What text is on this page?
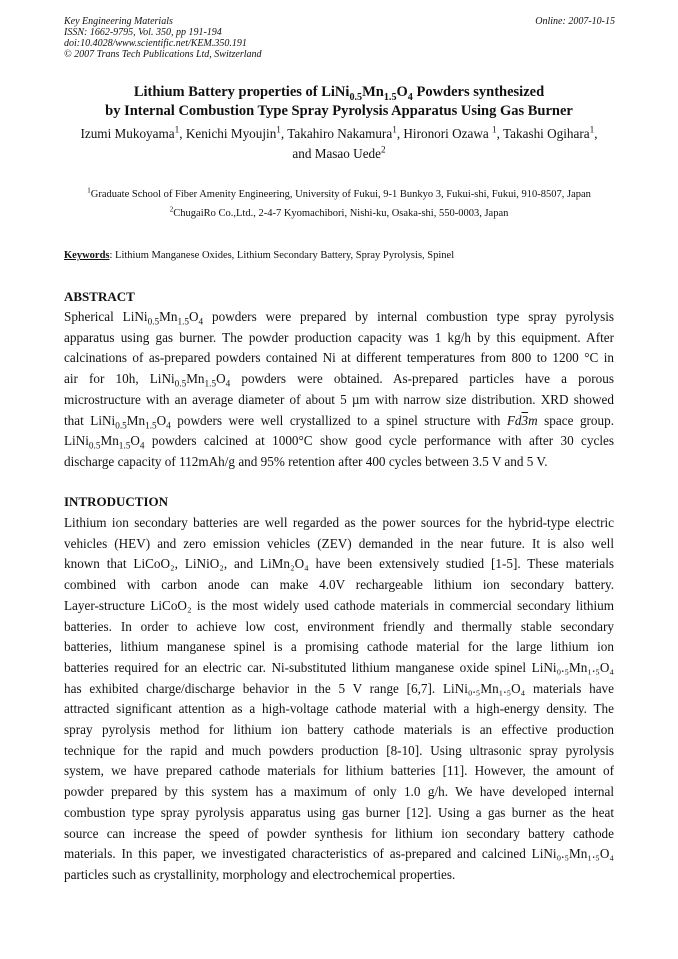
Key Engineering Materials
ISSN: 1662-9795, Vol. 350, pp 191-194
doi:10.4028/www.scientific.net/KEM.350.191
© 2007 Trans Tech Publications Ltd, Switzerland
Online: 2007-10-15
Lithium Battery properties of $LiNi_{0.5}Mn_{1.5}O_4$ Powders synthesized
by Internal Combustion Type Spray Pyrolysis Apparatus Using Gas Burner
Izumi Mukoyama$^1$, Kenichi Myoujin$^1$, Takahiro Nakamura$^1$, Hironori Ozawa $^1$, Takashi Ogihara$^1$,
and Masao Uede$^2$
$^1$Graduate School of Fiber Amenity Engineering, University of Fukui, 9-1 Bunkyo 3, Fukui-shi, Fukui, 910-8507, Japan
$^2$ChugaiRo Co.,Ltd., 2-4-7 Kyomachibori, Nishi-ku, Osaka-shi, 550-0003, Japan
Keywords: Lithium Manganese Oxides, Lithium Secondary Battery, Spray Pyrolysis, Spinel
ABSTRACT
Spherical $LiNi_{0.5}Mn_{1.5}O_4$ powders were prepared by internal combustion type spray pyrolysis
apparatus using gas burner. The powder production capacity was 1 kg/h by this equipment. After
calcinations of as-prepared powders contained Ni at different temperatures from 800 to 1200 °C in
air for 10h, $LiNi_{0.5}Mn_{1.5}O_4$ powders were obtained. As-prepared particles have a porous
microstructure with an average diameter of about 5 µm with narrow size distribution. XRD showed
that $LiNi_{0.5}Mn_{1.5}O_4$ powders were well crystallized to a spinel structure with Fd3m space group.
$LiNi_{0.5}Mn_{1.5}O_4$ powders calcined at 1000°C show good cycle performance with after 30 cycles
discharge capacity of 112mAh/g and 95% retention after 400 cycles between 3.5 V and 5 V.
INTRODUCTION
Lithium ion secondary batteries are well regarded as the power sources for the hybrid-type electric
vehicles (HEV) and zero emission vehicles (ZEV) demanded in the near future. It is also well
known that LiCoO₂, LiNiO₂, and LiMn₂O₄ have been extensively studied [1-5]. These materials
combined with carbon anode can make 4.0V rechargeable lithium ion secondary battery.
Layer-structure LiCoO₂ is the most widely used cathode materials in commercial secondary lithium
batteries. In order to achieve low cost, environment friendly and thermally stable secondary
batteries, lithium manganese spinel is a promising cathode material for the large lithium ion
batteries required for an electric car. Ni-substituted lithium manganese oxide spinel LiNi₀.₅Mn₁.₅O₄
has exhibited charge/discharge behavior in the 5 V range [6,7]. LiNi₀.₅Mn₁.₅O₄ materials have
attracted significant attention as a high-voltage cathode material with a high-energy density. The
spray pyrolysis method for lithium ion battery cathode materials is an effective production
technique for the rapid and much powders production [8-10]. Using ultrasonic spray pyrolysis
system, we have prepared cathode materials for lithium batteries [11]. However, the amount of
powder prepared by this system has a maximum of only 1.0 g/h. We have developed internal
combustion type spray pyrolysis apparatus using gas burner [12]. Using a gas burner as the heat
source can increase the speed of powder synthesis for lithium ion secondary battery cathode
materials. In this paper, we investigated characteristics of as-prepared and calcined LiNi₀.₅Mn₁.₅O₄
particles such as crystallinity, morphology and electrochemical properties.
